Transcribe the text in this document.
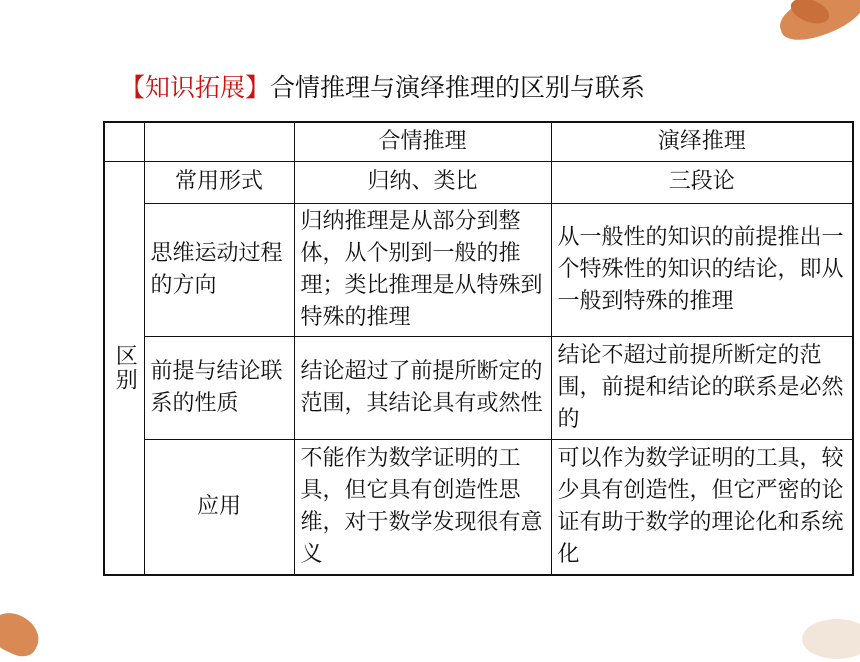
【知识拓展】合情推理与演绎推理的区别与联系
		合情推理	演绎推理
区别	常用形式	归纳、类比	三段论
	思维运动过程的方向	归纳推理是从部分到整体，从个别到一般的推理；类比推理是从特殊到特殊的推理	从一般性的知识的前提推出一个特殊性的知识的结论，即从一般到特殊的推理
	前提与结论联系的性质	结论超过了前提所断定的范围，其结论具有或然性	结论不超过前提所断定的范围，前提和结论的联系是必然的
	应用	不能作为数学证明的工具，但它具有创造性思维，对于数学发现很有意义	可以作为数学证明的工具，较少具有创造性，但它严密的论证有助于数学的理论化和系统化
